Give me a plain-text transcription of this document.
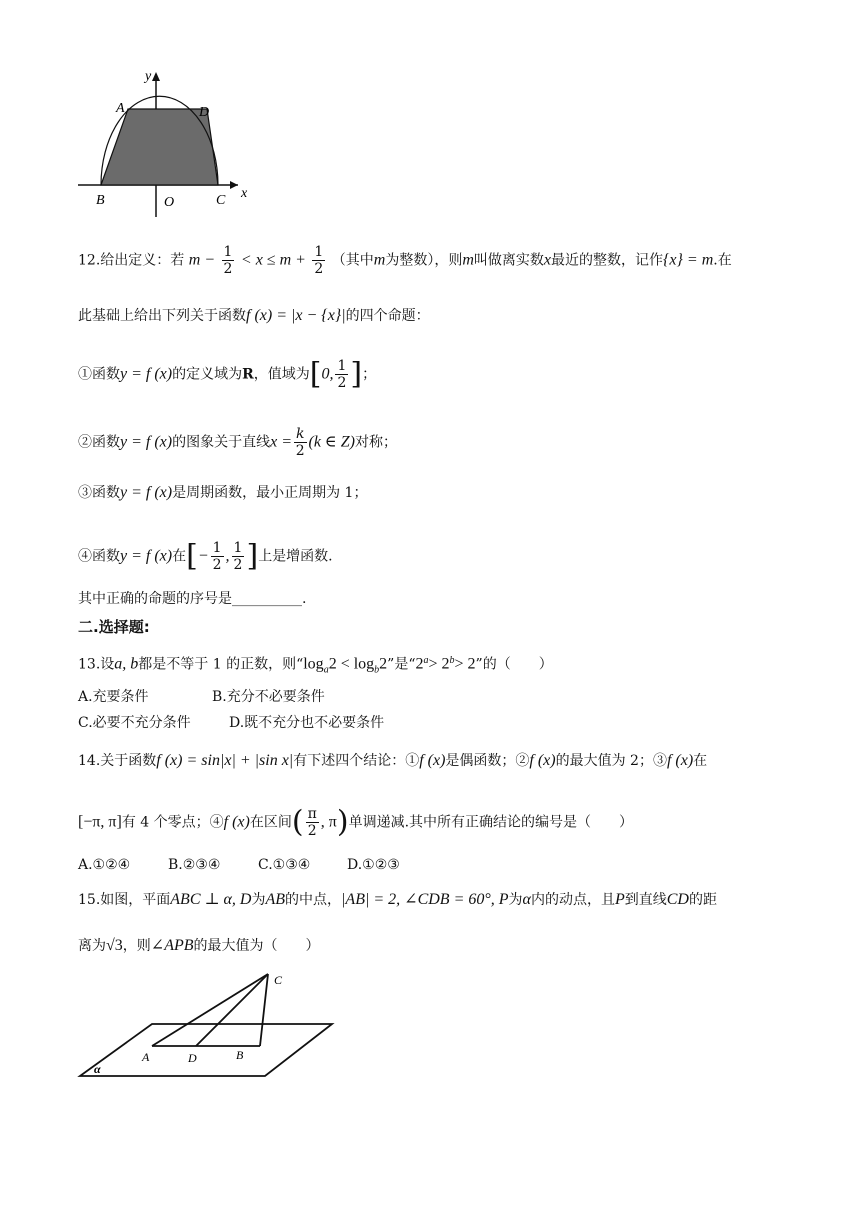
y
A	D
B	O	C x
12.给出定义：若 $m - \frac{1}{2} < x \le m + \frac{1}{2}$ （其中m为整数），则m叫做离实数x最近的整数，记作{x} = m.在
此基础上给出下列关于函数f (x) = |x − {x}|的四个命题：
①函数y = f (x)的定义域为R，值域为[0, $\frac{1}{2}$ ]；
②函数y = f (x)的图象关于直线$x = \frac{k}{2} (k$ ∈ Z)对称；
③函数y = f (x)是周期函数，最小正周期为 1；
④函数y = f (x)在[− $\frac{1}{2}$ , $\frac{1}{2}$ ]上是增函数.
其中正确的命题的序号是__________.
二.选择题:
13.设a, b都是不等于 1 的正数，则“$\log_a2 < \log_b2$”是“$2^a> 2^b> 2$”的（　　）
A.充要条件	B.充分不必要条件
C.必要不充分条件	D.既不充分也不必要条件
14.关于函数f (x) = sin|x| + |sin x|有下述四个结论：①f (x)是偶函数；②f (x)的最大值为 2；③f (x)在
[−π, π]有 4 个零点；④f (x)在区间( $\frac{\pi}{2}$ , π)单调递减.其中所有正确结论的编号是（　　）
A.①②④	B.②③④	C.①③④	D.①②③
15.如图，平面ABC ⊥ α, D为AB的中点，|AB| = 2, ∠CDB = 60°, P为α内的动点，且P到直线CD的距
离为√3，则∠APB的最大值为（　　）
C
A	D	B
α
